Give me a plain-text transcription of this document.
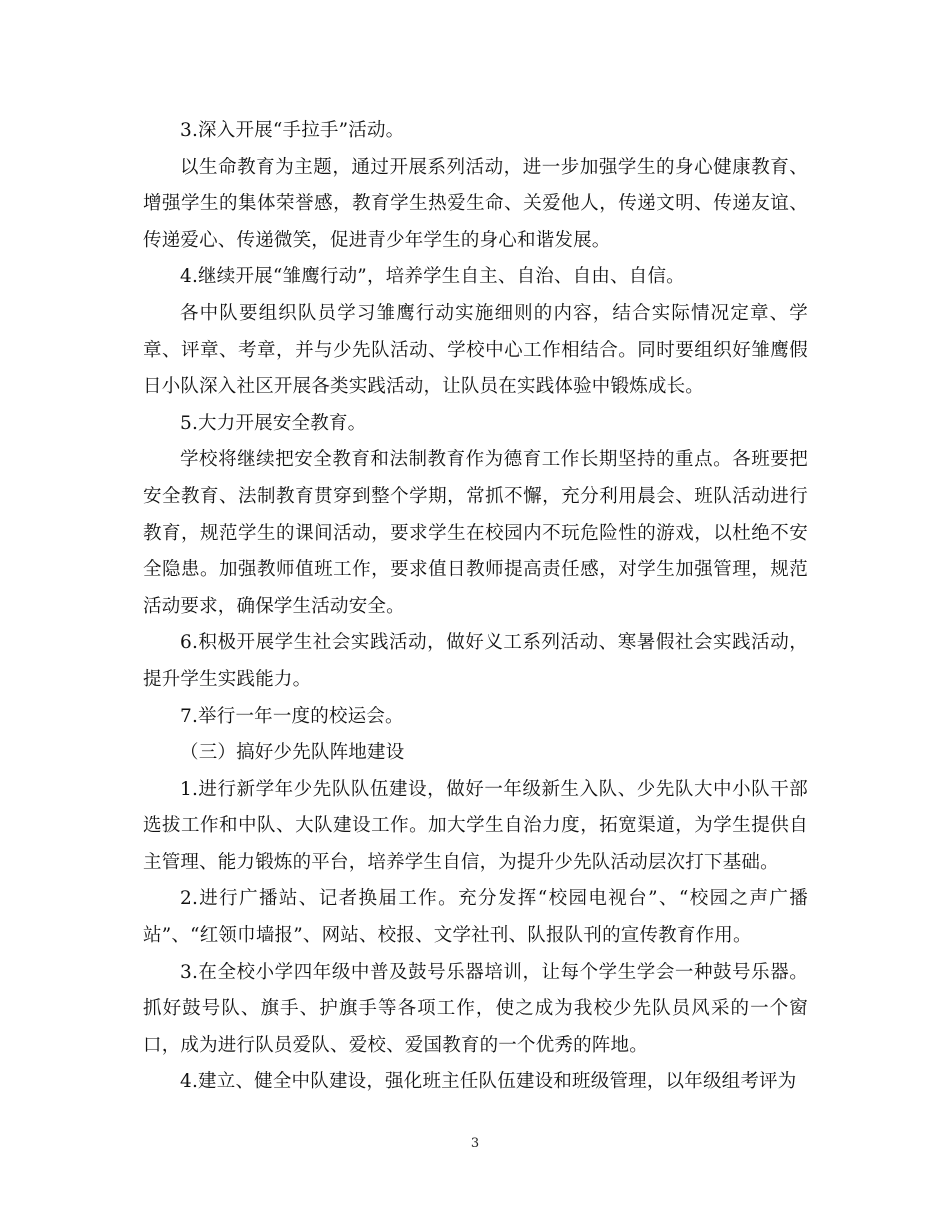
3.深入开展“手拉手”活动。

以生命教育为主题，通过开展系列活动，进一步加强学生的身心健康教育、增强学生的集体荣誉感，教育学生热爱生命、关爱他人，传递文明、传递友谊、传递爱心、传递微笑，促进青少年学生的身心和谐发展。

4.继续开展“雏鹰行动”，培养学生自主、自治、自由、自信。

各中队要组织队员学习雏鹰行动实施细则的内容，结合实际情况定章、学章、评章、考章，并与少先队活动、学校中心工作相结合。同时要组织好雏鹰假日小队深入社区开展各类实践活动，让队员在实践体验中锻炼成长。

5.大力开展安全教育。

学校将继续把安全教育和法制教育作为德育工作长期坚持的重点。各班要把安全教育、法制教育贯穿到整个学期，常抓不懈，充分利用晨会、班队活动进行教育，规范学生的课间活动，要求学生在校园内不玩危险性的游戏，以杜绝不安全隐患。加强教师值班工作，要求值日教师提高责任感，对学生加强管理，规范活动要求，确保学生活动安全。

6.积极开展学生社会实践活动，做好义工系列活动、寒暑假社会实践活动，提升学生实践能力。

7.举行一年一度的校运会。

（三）搞好少先队阵地建设

1.进行新学年少先队队伍建设，做好一年级新生入队、少先队大中小队干部选拔工作和中队、大队建设工作。加大学生自治力度，拓宽渠道，为学生提供自主管理、能力锻炼的平台，培养学生自信，为提升少先队活动层次打下基础。

2.进行广播站、记者换届工作。充分发挥“校园电视台”、“校园之声广播站”、“红领巾墙报”、网站、校报、文学社刊、队报队刊的宣传教育作用。

3.在全校小学四年级中普及鼓号乐器培训，让每个学生学会一种鼓号乐器。抓好鼓号队、旗手、护旗手等各项工作，使之成为我校少先队员风采的一个窗口，成为进行队员爱队、爱校、爱国教育的一个优秀的阵地。

4.建立、健全中队建设，强化班主任队伍建设和班级管理，以年级组考评为

3
